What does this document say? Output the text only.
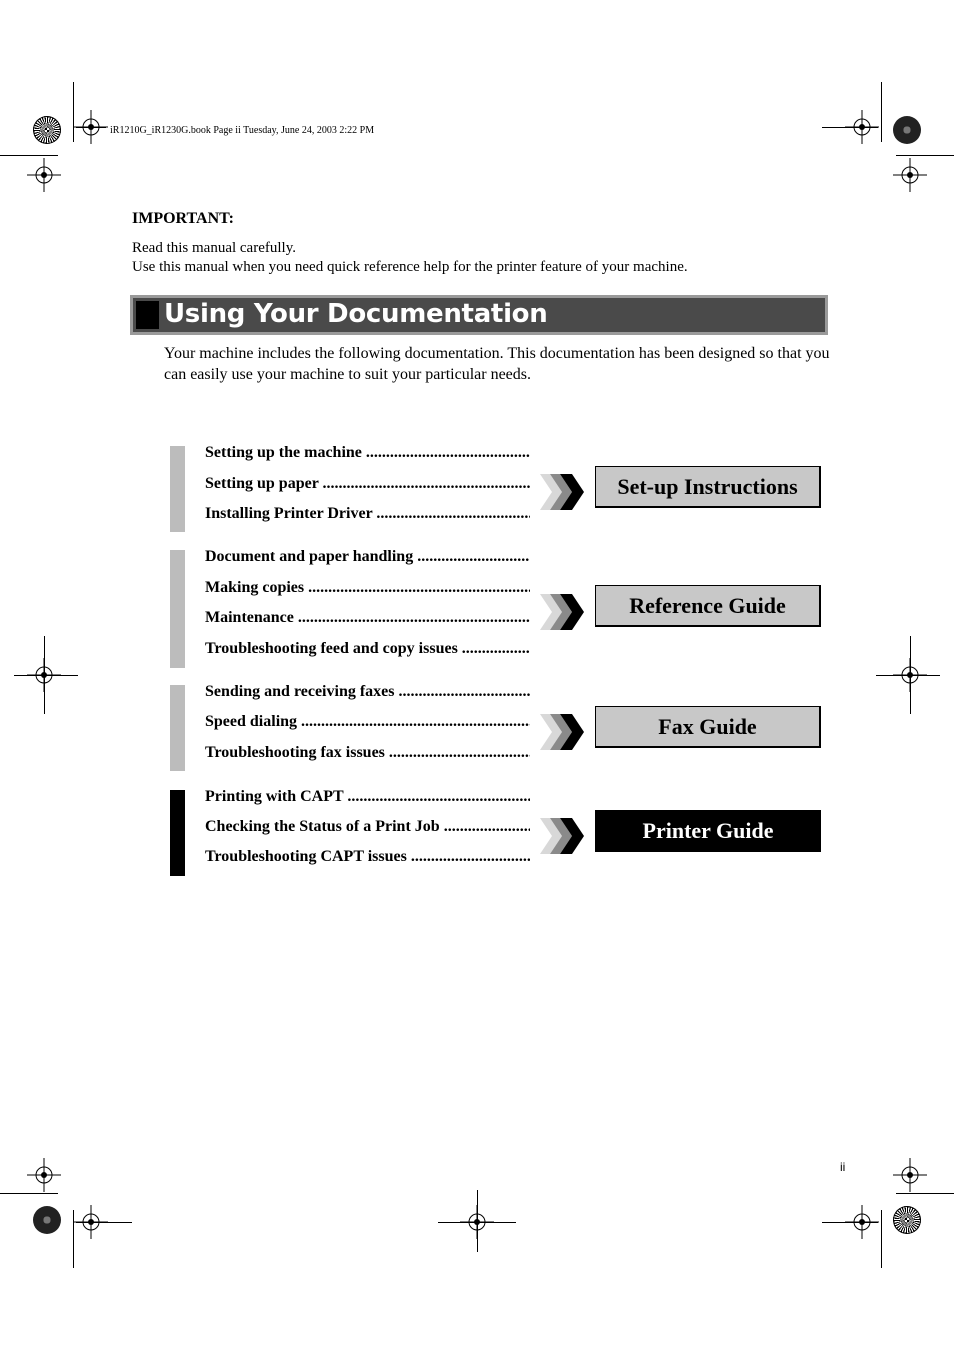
iR1210G_iR1230G.book Page ii Tuesday, June 24, 2003 2:22 PM
IMPORTANT:
Read this manual carefully.
Use this manual when you need quick reference help for the printer feature of your machine.
Using Your Documentation
Your machine includes the following documentation. This documentation has been designed so that you can easily use your machine to suit your particular needs.
Setting up the machine .....
Setting up paper .....
Installing Printer Driver .....
Set-up Instructions
Document and paper handling .....
Making copies .....
Maintenance .....
Troubleshooting feed and copy issues .....
Reference Guide
Sending and receiving faxes .....
Speed dialing .....
Troubleshooting fax issues .....
Fax Guide
Printing with CAPT .....
Checking the Status of a Print Job .....
Troubleshooting CAPT issues .....
Printer Guide
ii
